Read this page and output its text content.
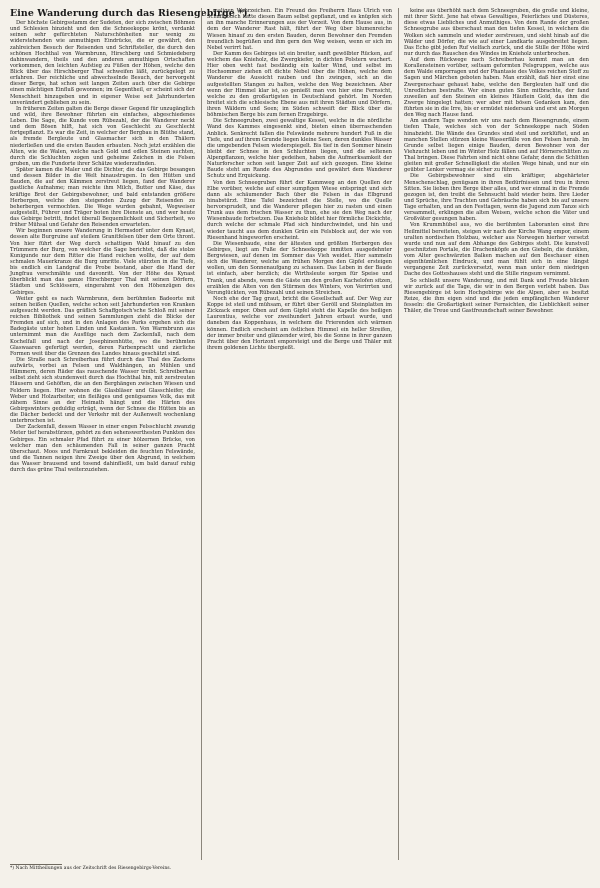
Eine Wanderung durch das Riesengebirge *).

Der höchste Gebirgsstamm der Sudeten, der sich zwischen Böhmen und Schlesien hinzieht und den die Schneekoppe krönt, verdankt seinen sehr gefürchteten Naturschönheiten nur wenig zu widerstehenden wie anmuthigen Eindrücke, die er gewährt, den zahlreichen Besuch der Reisenden und Schriftsteller, die durch den schönen Hochthal von Warmbrunn, Hirschberg und Schmiedeberg dahinwandern, theils und den anderen anmuthigen Ortschaften vorkommen, den leichten Aufstieg zu Füßen der Höhen, welche den Blick über das Hirschberger Thal schweifen läßt, zurückgelegt zu erfahren. Der reichliche und abwechselnde Besuch, der hervorgeht dieser Berge, hat schon seit langen Zeiten auch über die Gebirge einen mächtigen Einfluß gewonnen; im Gegentheil, er scheint sich der Menschheit hinzugeben und in eigener Weise seit Jahrhunderten unverändert geblieben zu sein.

In früheren Zeiten galten die Berge dieser Gegend für unzugänglich und wild, ihre Bewohner führten ein einfaches, abgeschiedenes Leben. Die Sage, die Kunde vom Rübezahl, der die Wanderer neckt und dem Bösen hilft, hat sich von Geschlecht zu Geschlecht fortgepflanzt. Es war die Zeit, in welcher der Bergbau in Blüthe stand, als fremde Bergleute und Glasmacher sich in den Thälern niederließen und die ersten Bauden erbauten. Noch jetzt erzählen die Alten, wie die Walen, welche nach Gold und edlen Steinen suchten, durch die Schluchten zogen und geheime Zeichen in die Felsen gruben, um die Fundorte ihrer Schätze wiederzufinden.

Später kamen die Maler und die Dichter, die das Gebirge besangen und dessen Bilder in die Welt hinaustrugen. In den Hütten und Bauden, die auf den Kämmen zerstreut liegen, fand der Wanderer gastliche Aufnahme; man reichte ihm Milch, Butter und Käse, das kräftige Brot der Gebirgsbewohner, und bald entstanden größere Herbergen, welche den steigenden Zuzug der Reisenden zu beherbergen vermochten. Die Wege wurden gebahnt, Wegweiser aufgestellt, Führer und Träger boten ihre Dienste an, und wer heute das Gebirge betritt, findet überall Bequemlichkeit und Sicherheit, wo früher Mühsal und Gefahr den Reisenden erwarteten.

Wir beginnen unsere Wanderung in Hermsdorf unter dem Kynast, dessen alte Burgruine auf steilem Granitfelsen über dem Orte thront. Von hier führt der Weg durch schattigen Wald hinauf zu den Trümmern der Burg, von welcher die Sage berichtet, daß die stolze Kunigunde nur dem Ritter die Hand reichen wollte, der auf dem schmalen Mauerkranze die Burg umritte. Viele stürzten in die Tiefe, bis endlich ein Landgraf die Probe bestand, aber die Hand der Jungfrau verschmähte und davonritt. Von der Höhe des Kynast überblickt man das ganze Hirschberger Thal mit seinen Dörfern, Städten und Schlössern, eingerahmt von den Höhenzügen des Gebirges.

Weiter geht es nach Warmbrunn, dem berühmten Badeorte mit seinen heißen Quellen, welche schon seit Jahrhunderten von Kranken aufgesucht werden. Das gräflich Schaffgotsch'sche Schloß mit seiner reichen Bibliothek und seinen Sammlungen zieht die Blicke der Fremden auf sich, und in den Anlagen des Parks ergehen sich die Badegäste unter hohen Linden und Kastanien. Von Warmbrunn aus unternimmt man die Ausflüge nach dem Zackenfall, nach dem Kochelfall und nach der Josephinenhütte, wo die berühmten Glaswaaren gefertigt werden, deren Farbenpracht und zierliche Formen weit über die Grenzen des Landes hinaus geschätzt sind.

Die Straße nach Schreiberhau führt durch das Thal des Zackens aufwärts, vorbei an Felsen und Waldhängen, an Mühlen und Hämmern, deren Räder das rauschende Wasser treibt. Schreiberhau selbst zieht sich stundenweit durch das Hochthal hin, mit zerstreuten Häusern und Gehöften, die an den Berghängen zwischen Wiesen und Feldern liegen. Hier wohnen die Glasbläser und Glasschleifer, die Weber und Holzarbeiter, ein fleißiges und genügsames Volk, das mit zähem Sinne an der Heimath hängt und die Härten des Gebirgswinters geduldig erträgt, wenn der Schnee die Hütten bis an die Dächer bedeckt und der Verkehr mit der Außenwelt wochenlang unterbrochen ist.

Der Zackenfall, dessen Wasser in einer engen Felsschlucht zwanzig Meter tief herabstürzen, gehört zu den sehenswerthesten Punkten des Gebirges. Ein schmaler Pfad führt zu einer hölzernen Brücke, von welcher man den schäumenden Fall in seiner ganzen Pracht überschaut. Moos und Farnkraut bekleiden die feuchten Felswände, und die Tannen neigen ihre Zweige über den Abgrund, in welchem das Wasser brausend und tosend dahinfließt, um bald darauf ruhig durch das grüne Thal weiterzuziehen.

maligen Wahrzeichen. Ein Freund des Freiherrn Haus Ulrich von Schaffgotsch hatte diesen Baum selbst gepflanzt, und es knüpfen sich an ihn manche Erinnerungen aus der Vorzeit. Von dem Hause aus, in dem der Wanderer Rast hält, führt der Weg über blumenreiche Wiesen hinauf zu den ersten Bauden, deren Bewohner den Fremden freundlich begrüßen und ihm gern den Weg weisen, wenn er sich im Nebel verirrt hat.

Der Kamm des Gebirges ist ein breiter, sanft gewölbter Rücken, auf welchem das Knieholz, die Zwergkiefer, in dichten Polstern wuchert. Hier oben weht fast beständig ein kalter Wind, und selbst im Hochsommer ziehen oft dichte Nebel über die Höhen, welche dem Wanderer die Aussicht rauben und ihn zwingen, sich an die aufgestellten Stangen zu halten, welche den Weg bezeichnen. Aber wenn der Himmel klar ist, so genießt man von hier eine Fernsicht, welche zu den großartigsten in Deutschland gehört. Im Norden breitet sich die schlesische Ebene aus mit ihren Städten und Dörfern, ihren Wäldern und Seen; im Süden schweift der Blick über die böhmischen Berge bis zum fernen Erzgebirge.

Die Schneegruben, zwei gewaltige Kessel, welche in die nördliche Wand des Kammes eingesenkt sind, bieten einen überraschenden Anblick. Senkrecht fallen die Felswände mehrere hundert Fuß in die Tiefe, und auf ihrem Grunde liegen kleine Seen, deren dunkles Wasser die umgebenden Felsen wiederspiegelt. Bis tief in den Sommer hinein bleibt der Schnee in den Schluchten liegen, und die seltenen Alpenpflanzen, welche hier gedeihen, haben die Aufmerksamkeit der Naturforscher schon seit langer Zeit auf sich gezogen. Eine kleine Baude steht am Rande des Abgrundes und gewährt dem Wanderer Schutz und Erquickung.

Von den Schneegruben führt der Kammweg an den Quellen der Elbe vorüber, welche auf einer sumpfigen Wiese entspringt und sich dann als schäumender Bach über die Felsen in das Elbgrund hinabstürzt. Eine Tafel bezeichnet die Stelle, wo die Quelle hervorsprudelt, und die Wanderer pflegen hier zu rasten und einen Trunk aus dem frischen Wasser zu thun, ehe sie den Weg nach der Wiesenbaude fortsetzen. Das Knieholz bildet hier förmliche Dickichte, durch welche der schmale Pfad sich hindurchwindet, und hin und wieder taucht aus dem dunklen Grün ein Felsblock auf, der wie von Riesenhand hingeworfen erscheint.

Die Wiesenbaude, eine der ältesten und größten Herbergen des Gebirges, liegt am Fuße der Schneekoppe inmitten ausgedehnter Bergwiesen, auf denen im Sommer das Vieh weidet. Hier sammeln sich die Wanderer, welche am frühen Morgen den Gipfel ersteigen wollen, um den Sonnenaufgang zu schauen. Das Leben in der Baude ist einfach, aber herzlich; die Wirthsleute sorgen für Speise und Trank, und abends, wenn die Gäste um den großen Kachelofen sitzen, erzählen die Alten von den Stürmen des Winters, von Verirrten und Verunglückten, von Rübezahl und seinen Streichen.

Noch ehe der Tag graut, bricht die Gesellschaft auf. Der Weg zur Koppe ist steil und mühsam, er führt über Geröll und Steinplatten im Zickzack empor. Oben auf dem Gipfel steht die Kapelle des heiligen Laurentius, welche vor zweihundert Jahren erbaut wurde, und daneben das Koppenhaus, in welchem die Frierenden sich wärmen können. Endlich erscheint am östlichen Himmel ein heller Streifen, der immer breiter und glänzender wird, bis die Sonne in ihrer ganzen Pracht über den Horizont emporsteigt und die Berge und Thäler mit ihrem goldenen Lichte übergießt.

keine aus überhöht nach dem Schneegruben, die große und kleine, mit ihrer Sicht. Jene hat etwas Gewaltiges, Feierliches und Düsteres, diese etwas Liebliches und Anmuthiges. Von dem Rande der großen Schneegrube aus überschaut man den tiefen Kessel, in welchem die Wolken sich sammeln und wieder zerstreuen, und sieht hinab auf die Wälder und Dörfer, die wie auf einer Landkarte ausgebreitet liegen. Das Echo gibt jeden Ruf vielfach zurück, und die Stille der Höhe wird nur durch das Rauschen des Windes im Knieholz unterbrochen.

Auf dem Rückwege nach Schreiberhau kommt man an den Korallensteinen vorüber, seltsam geformten Felsgruppen, welche aus dem Walde emporragen und der Phantasie des Volkes reichen Stoff zu Sagen und Märchen geboten haben. Man erzählt, daß hier einst eine Zwergenschaar gehaust habe, welche den Bergleuten half und die Unredlichen bestrafte. Wer einen guten Sinn mitbrachte, der fand zuweilen auf den Steinen ein kleines Häuflein Gold, das ihm die Zwerge hingelegt hatten; wer aber mit bösen Gedanken kam, den führten sie in die Irre, bis er ermüdet niedersank und erst am Morgen den Weg nach Hause fand.

Am andern Tage wenden wir uns nach dem Riesengrunde, einem tiefen Thale, welches sich von der Schneekoppe nach Süden hinabzieht. Die Wände des Grundes sind steil und zerklüftet, und an manchen Stellen stürzen kleine Wasserfälle von den Felsen herab. Im Grunde selbst liegen einige Bauden, deren Bewohner von der Viehzucht leben und im Winter Holz fällen und auf Hörnerschlitten zu Thal bringen. Diese Fahrten sind nicht ohne Gefahr, denn die Schlitten gleiten mit großer Schnelligkeit die steilen Wege hinab, und nur ein geübter Lenker vermag sie sicher zu führen.

Die Gebirgsbewohner sind ein kräftiger, abgehärteter Menschenschlag, genügsam in ihren Bedürfnissen und treu in ihren Sitten. Sie lieben ihre Berge über alles, und wer einmal in die Fremde gezogen ist, den treibt die Sehnsucht bald wieder heim. Ihre Lieder und Sprüche, ihre Trachten und Gebräuche haben sich bis auf unsere Tage erhalten, und an den Festtagen, wenn die Jugend zum Tanze sich versammelt, erklingen die alten Weisen, welche schon die Väter und Großväter gesungen haben.

Von Krummhübel aus, wo die berühmten Laboranten einst ihre Heilmittel bereiteten, steigen wir nach der Kirche Wang empor, einem uralten nordischen Holzbau, welcher aus Norwegen hierher versetzt wurde und nun auf dem Abhange des Gebirges steht. Die kunstvoll geschnitzten Portale, die Drachenköpfe an den Giebeln, die dunklen, vom Alter geschwärzten Balken machen auf den Beschauer einen eigenthümlichen Eindruck, und man fühlt sich in eine längst vergangene Zeit zurückversetzt, wenn man unter dem niedrigen Dache des Gotteshauses steht und die Stille ringsum vernimmt.

So schließt unsere Wanderung, und mit Dank und Freude blicken wir zurück auf die Tage, die wir in den Bergen verlebt haben. Das Riesengebirge ist kein Hochgebirge wie die Alpen, aber es besitzt Reize, die ihm eigen sind und die jeden empfänglichen Wanderer fesseln: die Großartigkeit seiner Fernsichten, die Lieblichkeit seiner Thäler, die Treue und Gastfreundschaft seiner Bewohner.

*) Nach Mittheilungen aus der Zeitschrift des Riesengebirgs-Vereins.
